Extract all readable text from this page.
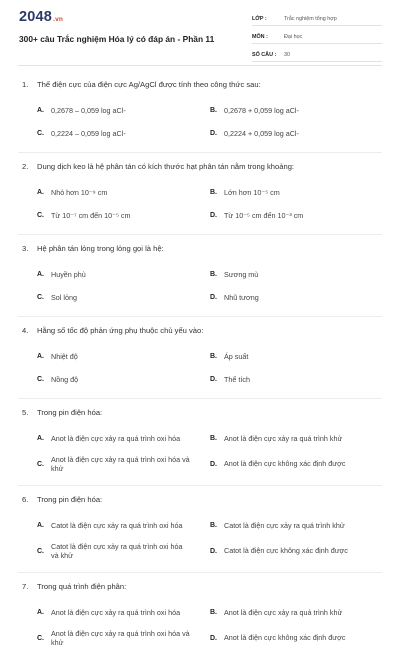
2048.vn
300+ câu Trắc nghiệm Hóa lý có đáp án - Phần 11
LỚP :	Trắc nghiệm tổng hợp
MÔN :	Đại học
SỐ CÂU :	30
1.	Thế điện cực của điện cực Ag/AgCl được tính theo công thức sau:
A. 0,2678 – 0,059 log aCl-	B. 0,2678 + 0,059 log aCl-
C. 0,2224 – 0,059 log aCl-	D. 0,2224 + 0,059 log aCl-
2.	Dung dịch keo là hệ phân tán có kích thước hạt phân tán nằm trong khoảng:
A. Nhỏ hơn 10⁻⁹ cm	B. Lớn hơn 10⁻⁵ cm
C. Từ 10⁻⁷ cm đến 10⁻⁵ cm	D. Từ 10⁻⁵ cm đến 10⁻³ cm
3.	Hệ phân tán lỏng trong lỏng gọi là hệ:
A. Huyền phù	B. Sương mù
C. Sol lỏng	D. Nhũ tương
4.	Hằng số tốc độ phản ứng phụ thuộc chủ yếu vào:
A. Nhiệt độ	B. Áp suất
C. Nồng độ	D. Thể tích
5.	Trong pin điện hóa:
A. Anot là điện cực xảy ra quá trình oxi hóa	B. Anot là điện cực xảy ra quá trình khử
C.
Anot là điện cực xảy ra quá trình oxi hóa và khử	D. Anot là điện cực không xác định được
6.	Trong pin điện hóa:
A. Catot là điện cực xảy ra quá trình oxi hóa	B. Catot là điện cực xảy ra quá trình khử
C.
Catot là điện cực xảy ra quá trình oxi hóa và khử	D. Catot là điện cực không xác định được
7.	Trong quá trình điện phân:
A. Anot là điện cực xảy ra quá trình oxi hóa	B. Anot là điện cực xảy ra quá trình khử
C.
Anot là điện cực xảy ra quá trình oxi hóa và khử	D. Anot là điện cực không xác định được
